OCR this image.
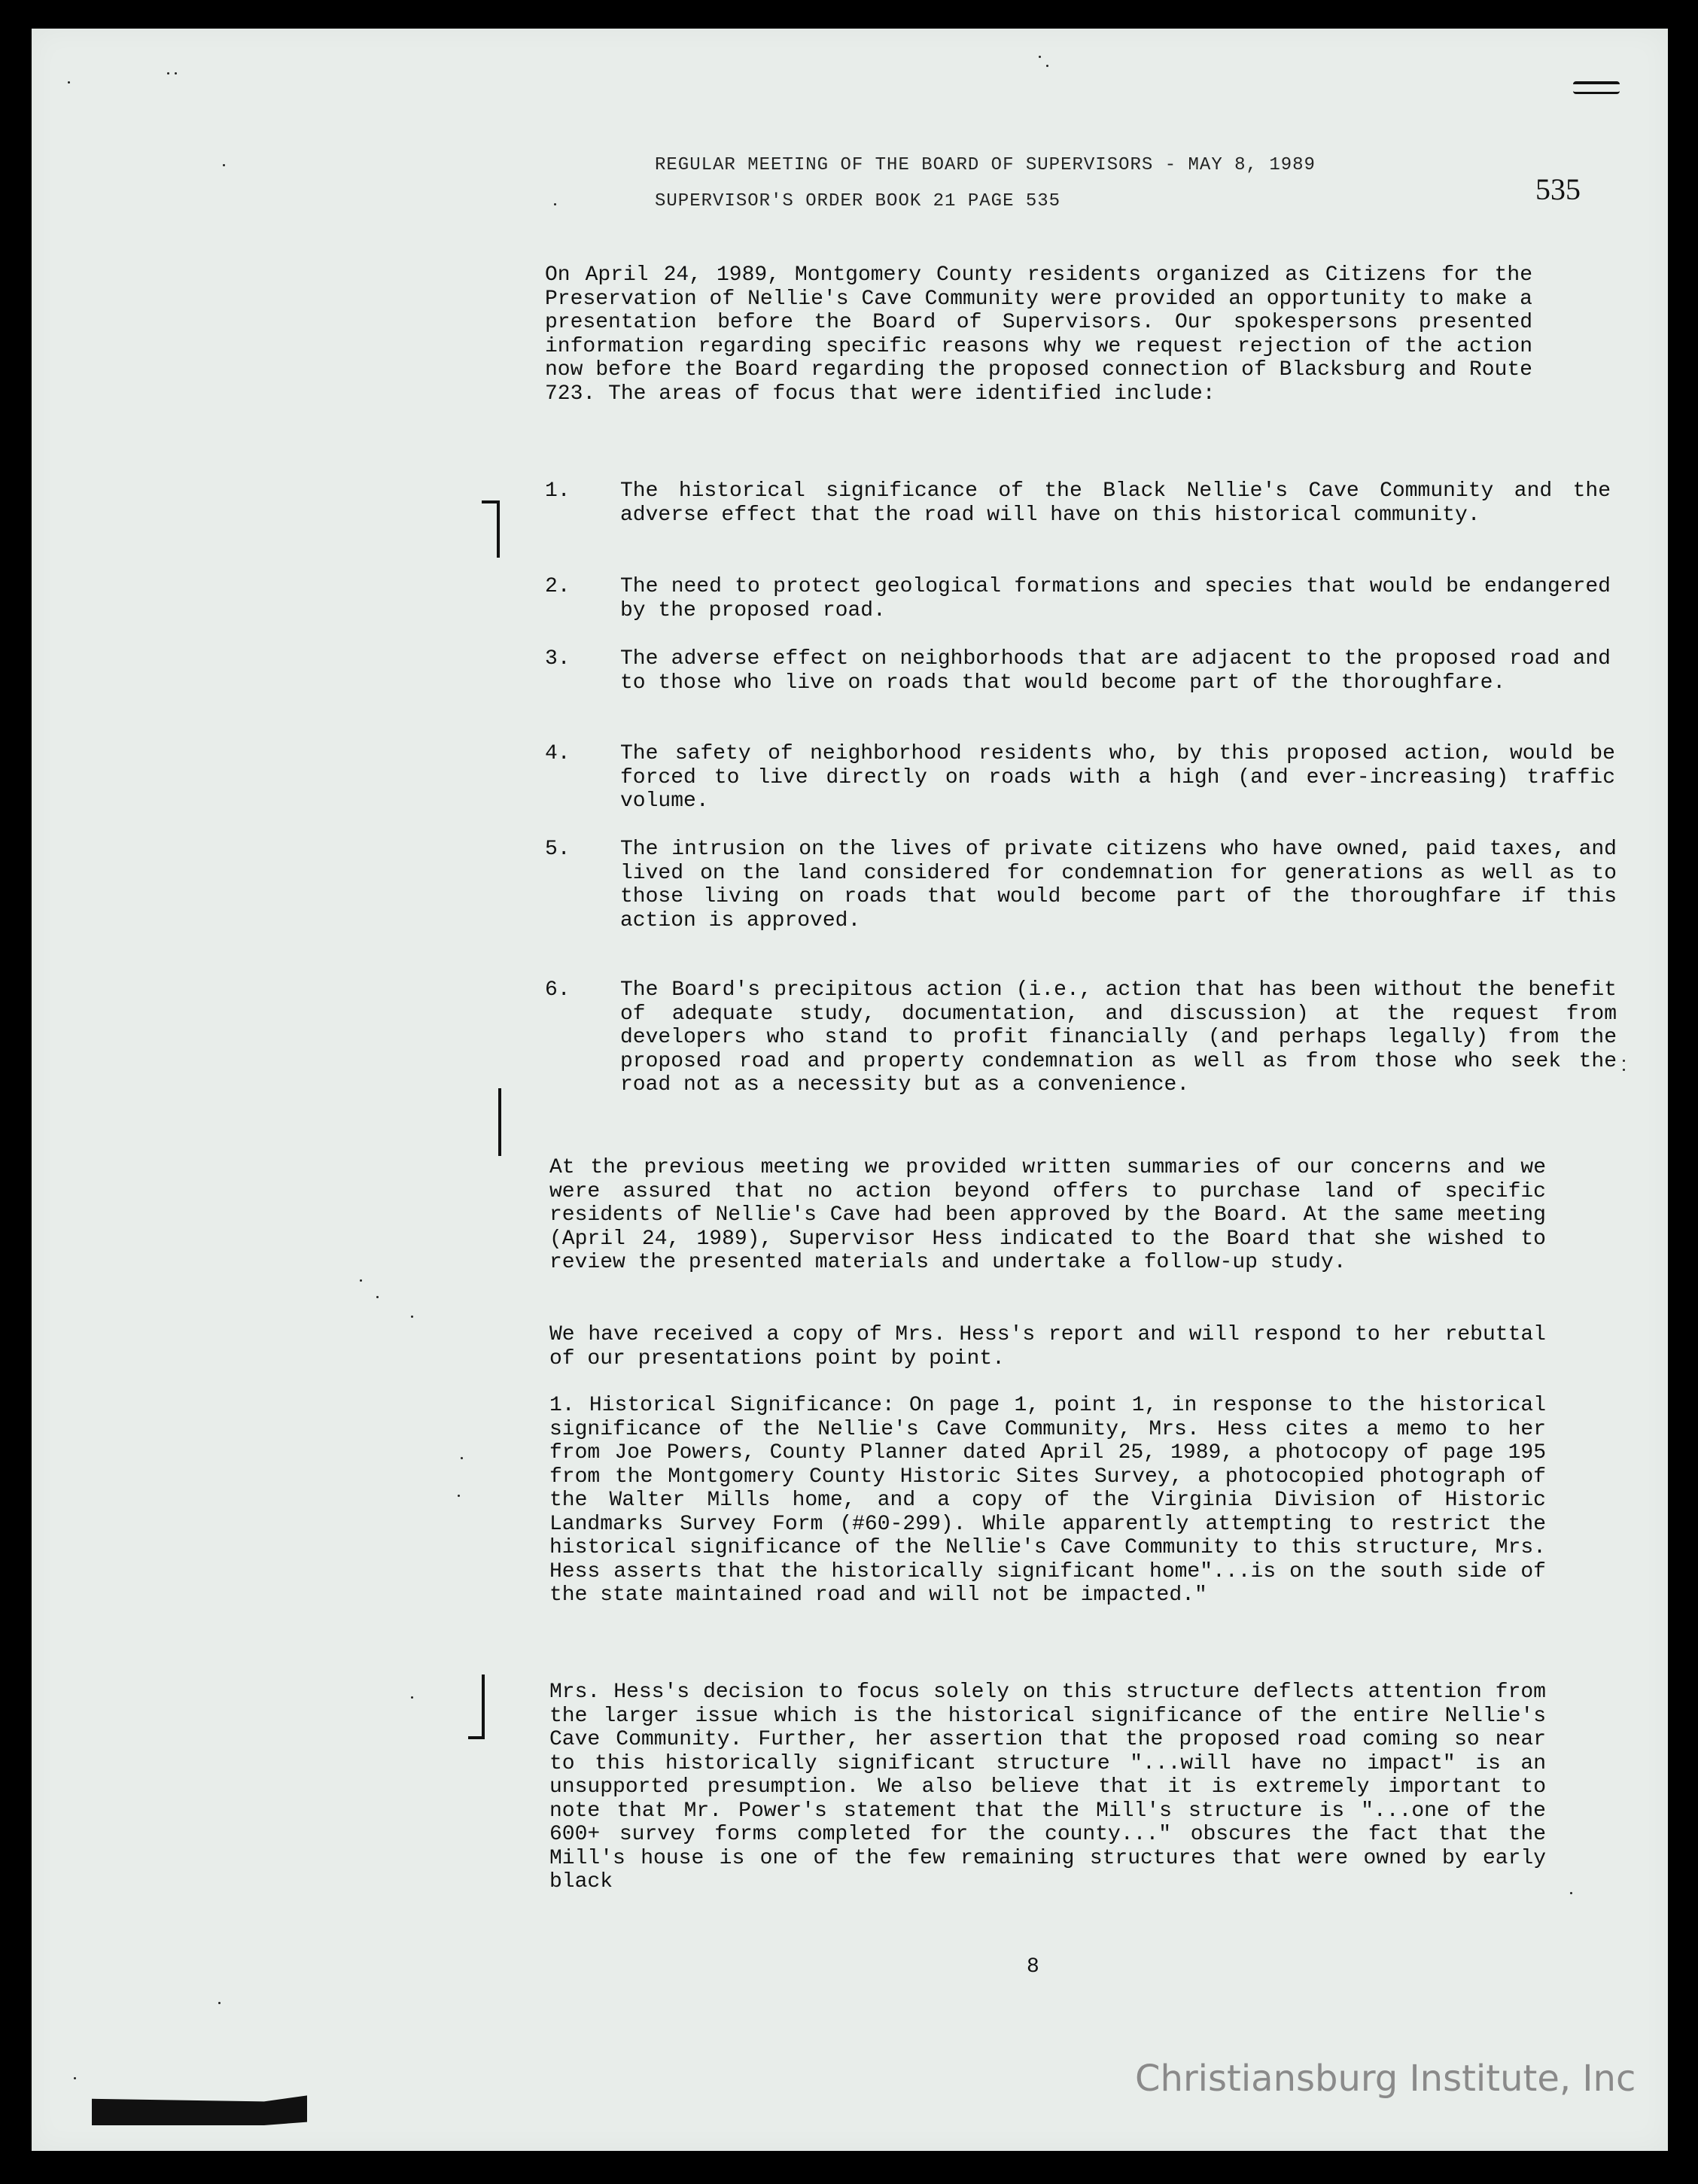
REGULAR MEETING OF THE BOARD OF SUPERVISORS - MAY 8, 1989
SUPERVISOR'S ORDER BOOK 21 PAGE 535	535
On April 24, 1989, Montgomery County residents organized as Citizens for the Preservation of Nellie's Cave Community were provided an opportunity to make a presentation before the Board of Supervisors. Our spokespersons presented information regarding specific reasons why we request rejection of the action now before the Board regarding the proposed connection of Blacksburg and Route 723. The areas of focus that were identified include:
1. The historical significance of the Black Nellie's Cave Community and the adverse effect that the road will have on this historical community.
2. The need to protect geological formations and species that would be endangered by the proposed road.
3. The adverse effect on neighborhoods that are adjacent to the proposed road and to those who live on roads that would become part of the thoroughfare.
4. The safety of neighborhood residents who, by this proposed action, would be forced to live directly on roads with a high (and ever-increasing) traffic volume.
5. The intrusion on the lives of private citizens who have owned, paid taxes, and lived on the land considered for condemnation for generations as well as to those living on roads that would become part of the thoroughfare if this action is approved.
6. The Board's precipitous action (i.e., action that has been without the benefit of adequate study, documentation, and discussion) at the request from developers who stand to profit financially (and perhaps legally) from the proposed road and property condemnation as well as from those who seek the road not as a necessity but as a convenience.
At the previous meeting we provided written summaries of our concerns and we were assured that no action beyond offers to purchase land of specific residents of Nellie's Cave had been approved by the Board. At the same meeting (April 24, 1989), Supervisor Hess indicated to the Board that she wished to review the presented materials and undertake a follow-up study.
We have received a copy of Mrs. Hess's report and will respond to her rebuttal of our presentations point by point.
1. Historical Significance: On page 1, point 1, in response to the historical significance of the Nellie's Cave Community, Mrs. Hess cites a memo to her from Joe Powers, County Planner dated April 25, 1989, a photocopy of page 195 from the Montgomery County Historic Sites Survey, a photocopied photograph of the Walter Mills home, and a copy of the Virginia Division of Historic Landmarks Survey Form (#60-299). While apparently attempting to restrict the historical significance of the Nellie's Cave Community to this structure, Mrs. Hess asserts that the historically significant home"...is on the south side of the state maintained road and will not be impacted."
Mrs. Hess's decision to focus solely on this structure deflects attention from the larger issue which is the historical significance of the entire Nellie's Cave Community. Further, her assertion that the proposed road coming so near to this historically significant structure "...will have no impact" is an unsupported presumption. We also believe that it is extremely important to note that Mr. Power's statement that the Mill's structure is "...one of the 600+ survey forms completed for the county..." obscures the fact that the Mill's house is one of the few remaining structures that were owned by early black
8
Christiansburg Institute, Inc
